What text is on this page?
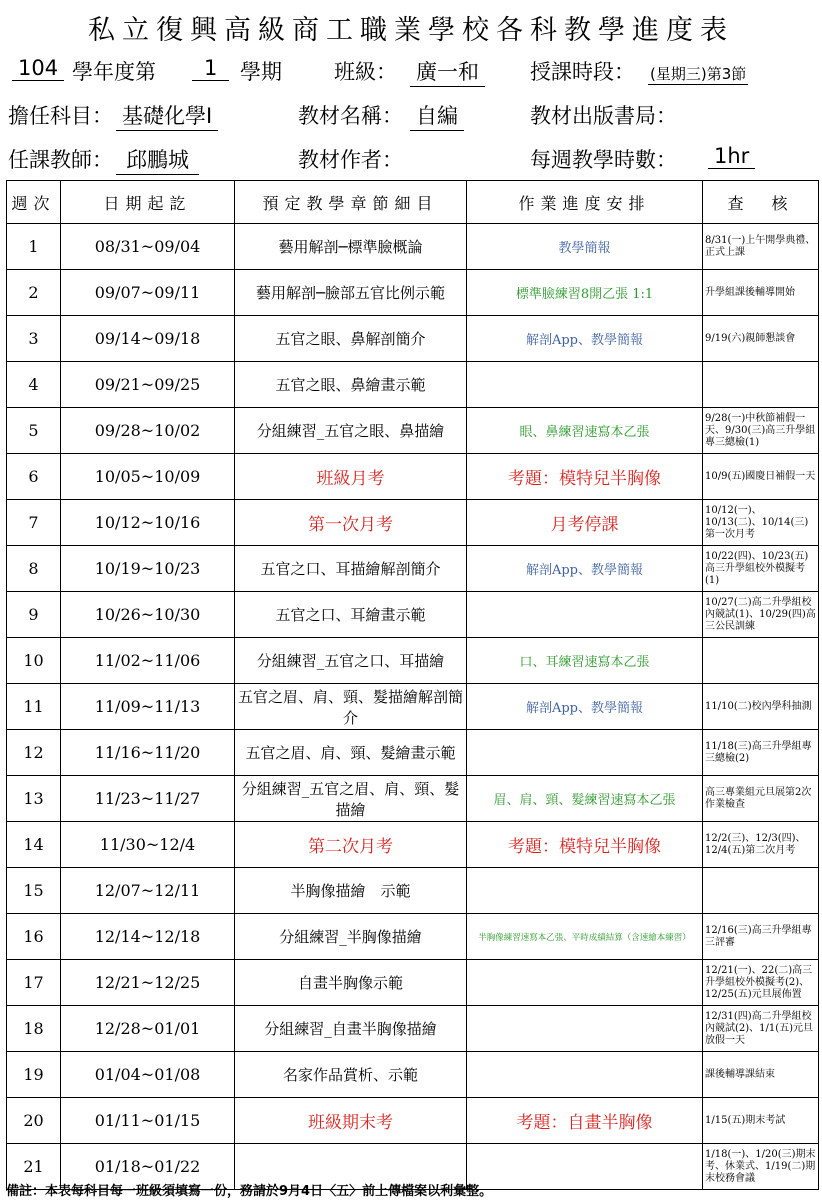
私立復興高級商工職業學校各科教學進度表
104 學年度第	1	學期 班級： 廣一和 授課時段： (星期三)第3節
擔任科目： 基礎化學Ⅰ	教材名稱： 自編	教材出版書局：
任課教師： 邱鵬城	教材作者：	每週教學時數： 1hr
週次	日期起訖	預定教學章節細目	作業進度安排	查　核
1	08/31~09/04	藝用解剖─標準臉概論	教學簡報	8/31(一)上午開學典禮、正式上課
2	09/07~09/11	藝用解剖─臉部五官比例示範	標準臉練習8開乙張 1:1	升學組課後輔導開始
3	09/14~09/18	五官之眼、鼻解剖簡介	解剖App、教學簡報	9/19(六)親師懇談會
4	09/21~09/25	五官之眼、鼻繪畫示範		
5	09/28~10/02	分組練習_五官之眼、鼻描繪	眼、鼻練習速寫本乙張	9/28(一)中秋節補假一天、9/30(三)高三升學組專三總檢(1)
6	10/05~10/09	班級月考	考題：模特兒半胸像	10/9(五)國慶日補假一天
7	10/12~10/16	第一次月考	月考停課	10/12(一)、10/13(二)、10/14(三)第一次月考
8	10/19~10/23	五官之口、耳描繪解剖簡介	解剖App、教學簡報	10/22(四)、10/23(五)高三升學組校外模擬考(1)
9	10/26~10/30	五官之口、耳繪畫示範		10/27(二)高二升學組校內競試(1)、10/29(四)高三公民訓練
10	11/02~11/06	分組練習_五官之口、耳描繪	口、耳練習速寫本乙張	
11	11/09~11/13	五官之眉、肩、頸、髮描繪解剖簡介	解剖App、教學簡報	11/10(二)校內學科抽測
12	11/16~11/20	五官之眉、肩、頸、髮繪畫示範		11/18(三)高三升學組專三總檢(2)
13	11/23~11/27	分組練習_五官之眉、肩、頸、髮描繪	眉、肩、頸、髮練習速寫本乙張	高三專業組元旦展第2次作業檢查
14	11/30~12/4	第二次月考	考題：模特兒半胸像	12/2(三)、12/3(四)、12/4(五)第二次月考
15	12/07~12/11	半胸像描繪　示範		
16	12/14~12/18	分組練習_半胸像描繪	半胸像練習速寫本乙張、平時成績結算（含速繪本練習）	12/16(三)高三升學組專三評審
17	12/21~12/25	自畫半胸像示範		12/21(一)、22(二)高三升學組校外模擬考(2)、12/25(五)元旦展佈置
18	12/28~01/01	分組練習_自畫半胸像描繪		12/31(四)高二升學組校內競試(2)、1/1(五)元旦放假一天
19	01/04~01/08	名家作品賞析、示範		課後輔導課結束
20	01/11~01/15	班級期末考	考題：自畫半胸像	1/15(五)期末考試
21	01/18~01/22			1/18(一)、1/20(三)期末考、休業式、1/19(二)期末校務會議
備註：本表每科目每一班級須填寫一份，務請於9月4日〈五〉前上傳檔案以利彙整。
